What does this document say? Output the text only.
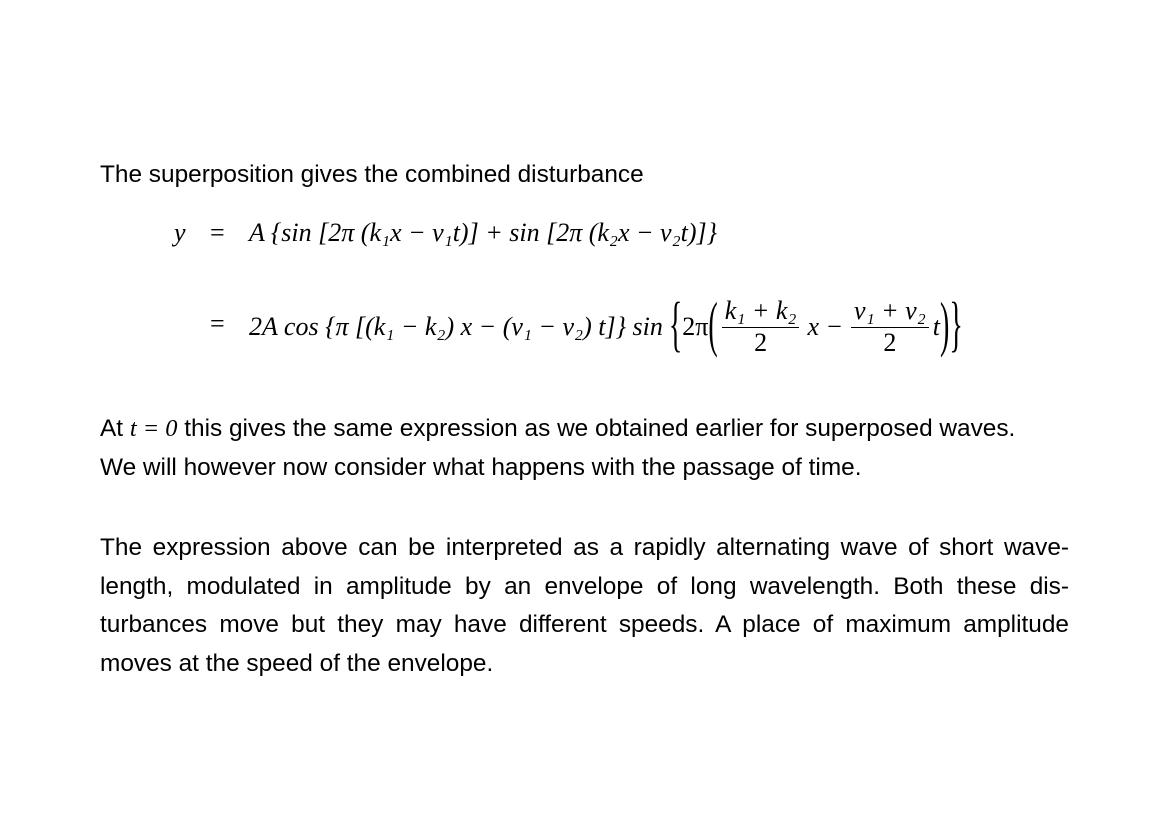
The superposition gives the combined disturbance

y = A {sin [2π (k₁x − ν₁t)] + sin [2π (k₂x − ν₂t)]}
= 2A cos {π [(k₁ − k₂) x − (ν₁ − ν₂) t]} sin { 2π ( $\frac{\text{k₁ + k₂}}{2}$ $x - \frac{\text{ν₁ + ν₂}}{2}$ t ) }
At t = 0 this gives the same expression as we obtained earlier for superposed waves.
We will however now consider what happens with the passage of time.
The expression above can be interpreted as a rapidly alternating wave of short wave-
length, modulated in amplitude by an envelope of long wavelength. Both these dis-
turbances move but they may have different speeds. A place of maximum amplitude
moves at the speed of the envelope.
